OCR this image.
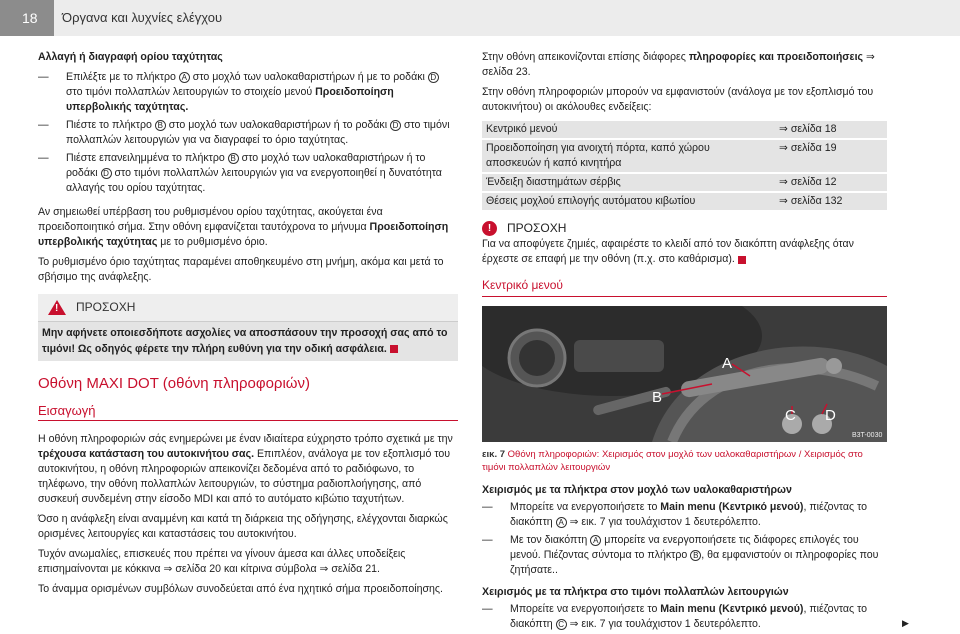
18	Όργανα και λυχνίες ελέγχου

Αλλαγή ή διαγραφή ορίου ταχύτητας

— Επιλέξτε με το πλήκτρο A στο μοχλό των υαλοκαθαριστήρων ή με το ροδάκι D στο τιμόνι πολλαπλών λειτουργιών το στοιχείο μενού Προειδοποίηση υπερβολικής ταχύτητας.
— Πιέστε το πλήκτρο B στο μοχλό των υαλοκαθαριστήρων ή το ροδάκι D στο τιμόνι πολλαπλών λειτουργιών για να διαγραφεί το όριο ταχύτητας.
— Πιέστε επανειλημμένα το πλήκτρο B στο μοχλό των υαλοκαθαριστήρων ή το ροδάκι D στο τιμόνι πολλαπλών λειτουργιών για να ενεργοποιηθεί η δυνατότητα αλλαγής του ορίου ταχύτητας.

Αν σημειωθεί υπέρβαση του ρυθμισμένου ορίου ταχύτητας, ακούγεται ένα προειδοποιητικό σήμα. Στην οθόνη εμφανίζεται ταυτόχρονα το μήνυμα Προειδοποίηση υπερβολικής ταχύτητας με το ρυθμισμένο όριο.

Το ρυθμισμένο όριο ταχύτητας παραμένει αποθηκευμένο στη μνήμη, ακόμα και μετά το σβήσιμο της ανάφλεξης.

!
ΠΡΟΣΟΧΗ
Μην αφήνετε οποιεσδήποτε ασχολίες να αποσπάσουν την προσοχή σας από το τιμόνι! Ως οδηγός φέρετε την πλήρη ευθύνη για την οδική ασφάλεια.
Οθόνη MAXI DOT (οθόνη πληροφοριών)
Εισαγωγή

Η οθόνη πληροφοριών σάς ενημερώνει με έναν ιδιαίτερα εύχρηστο τρόπο σχετικά με την τρέχουσα κατάσταση του αυτοκινήτου σας. Επιπλέον, ανάλογα με τον εξοπλισμό του αυτοκινήτου, η οθόνη πληροφοριών απεικονίζει δεδομένα από το ραδιόφωνο, το τηλέφωνο, την οθόνη πολλαπλών λειτουργιών, το σύστημα ραδιοπλοήγησης, από συσκευή συνδεμένη στην είσοδο MDI και από το αυτόματο κιβώτιο ταχυτήτων.

Όσο η ανάφλεξη είναι αναμμένη και κατά τη διάρκεια της οδήγησης, ελέγχονται διαρκώς ορισμένες λειτουργίες και καταστάσεις του αυτοκινήτου.

Τυχόν ανωμαλίες, επισκευές που πρέπει να γίνουν άμεσα και άλλες υποδείξεις επισημαίνονται με κόκκινα ⇒ σελίδα 20 και κίτρινα σύμβολα ⇒ σελίδα 21.

Το άναμμα ορισμένων συμβόλων συνοδεύεται από ένα ηχητικό σήμα προειδοποίησης.

Στην οθόνη απεικονίζονται επίσης διάφορες πληροφορίες και προειδοποιήσεις ⇒ σελίδα 23.

Στην οθόνη πληροφοριών μπορούν να εμφανιστούν (ανάλογα με τον εξοπλισμό του αυτοκινήτου) οι ακόλουθες ενδείξεις:

Κεντρικό μενού	⇒ σελίδα 18
Προειδοποίηση για ανοιχτή πόρτα, καπό χώρου αποσκευών ή καπό κινητήρα	⇒ σελίδα 19
Ένδειξη διαστημάτων σέρβις	⇒ σελίδα 12
Θέσεις μοχλού επιλογής αυτόματου κιβωτίου	⇒ σελίδα 132
!	ΠΡΟΣΟΧΗ

Για να αποφύγετε ζημιές, αφαιρέστε το κλειδί από τον διακόπτη ανάφλεξης όταν έρχεστε σε επαφή με την οθόνη (π.χ. στο καθάρισμα).

Κεντρικό μενού
B
A
C D
B3T-0030
εικ. 7 Οθόνη πληροφοριών: Χειρισμός στον μοχλό των υαλοκαθαριστήρων / Χειρισμός στο τιμόνι πολλαπλών λειτουργιών

Χειρισμός με τα πλήκτρα στον μοχλό των υαλοκαθαριστήρων

— Μπορείτε να ενεργοποιήσετε το Main menu (Κεντρικό μενού), πιέζοντας το διακόπτη A ⇒ εικ. 7 για τουλάχιστον 1 δευτερόλεπτο.
— Με τον διακόπτη A μπορείτε να ενεργοποιήσετε τις διάφορες επιλογές του μενού. Πιέζοντας σύντομα το πλήκτρο B , θα εμφανιστούν οι πληροφορίες που ζητήσατε..

Χειρισμός με τα πλήκτρα στο τιμόνι πολλαπλών λειτουργιών

— Μπορείτε να ενεργοποιήσετε το Main menu (Κεντρικό μενού), πιέζοντας το διακόπτη C ⇒ εικ. 7 για τουλάχιστον 1 δευτερόλεπτο.	▶
